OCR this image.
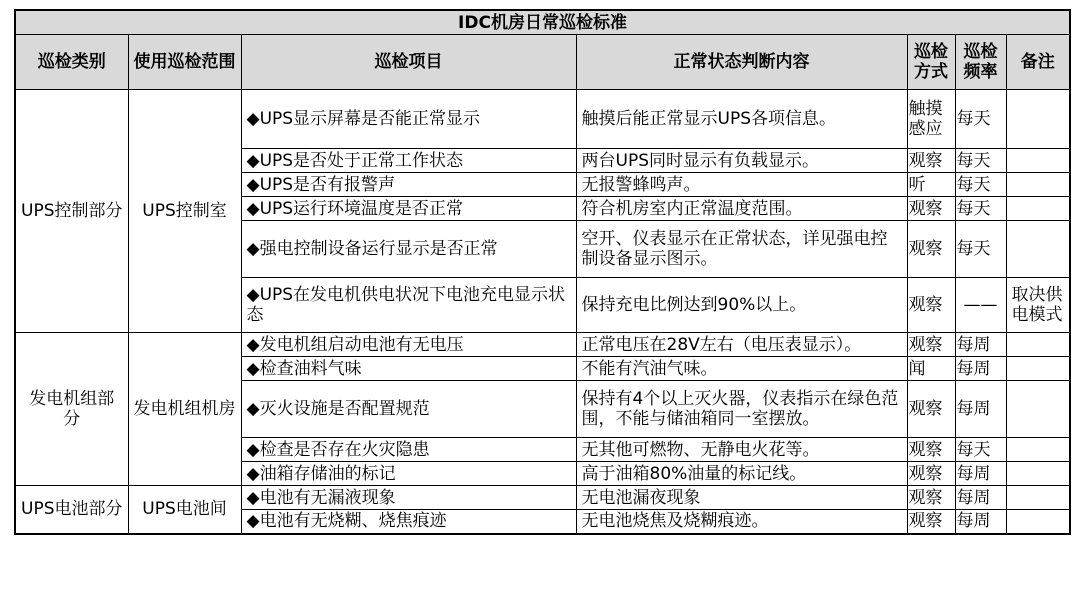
IDC机房日常巡检标准						
巡检类别	使用巡检范围	巡检项目	正常状态判断内容	巡检方式	巡检频率	备注
UPS控制部分	UPS控制室	◆UPS显示屏幕是否能正常显示	触摸后能正常显示UPS各项信息。	触摸感应	每天	
		◆UPS是否处于正常工作状态	两台UPS同时显示有负载显示。	观察	每天	
		◆UPS是否有报警声	无报警蜂鸣声。	听	每天	
		◆UPS运行环境温度是否正常	符合机房室内正常温度范围。	观察	每天	
		◆强电控制设备运行显示是否正常	空开、仪表显示在正常状态，详见强电控制设备显示图示。	观察	每天	
		◆UPS在发电机供电状况下电池充电显示状态	保持充电比例达到90%以上。	观察	——	取决供电模式
发电机组部分	发电机组机房	◆发电机组启动电池有无电压	正常电压在28V左右（电压表显示）。	观察	每周	
		◆检查油料气味	不能有汽油气味。	闻	每周	
		◆灭火设施是否配置规范	保持有4个以上灭火器，仪表指示在绿色范围，不能与储油箱同一室摆放。	观察	每周	
		◆检查是否存在火灾隐患	无其他可燃物、无静电火花等。	观察	每天	
		◆油箱存储油的标记	高于油箱80%油量的标记线。	观察	每周	
UPS电池部分	UPS电池间	◆电池有无漏液现象	无电池漏夜现象	观察	每周	
		◆电池有无烧糊、烧焦痕迹	无电池烧焦及烧糊痕迹。	观察	每周	
